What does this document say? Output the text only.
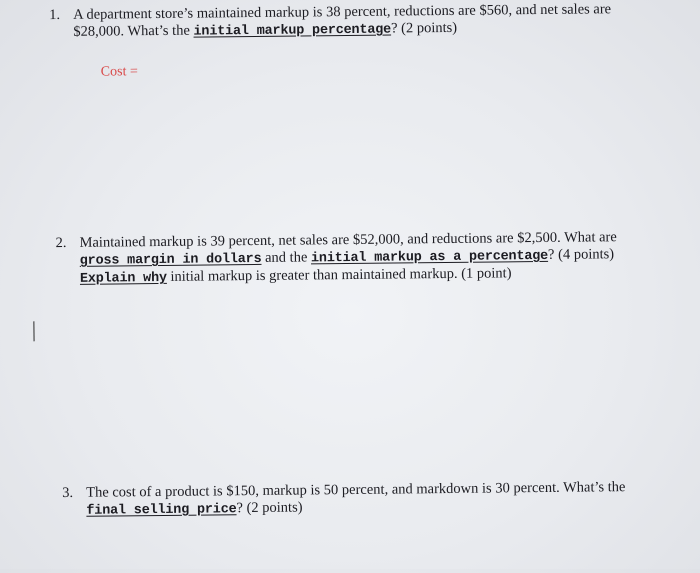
1. A department store’s maintained markup is 38 percent, reductions are $560, and net sales are $28,000. What’s the initial markup percentage? (2 points)
Cost =
2. Maintained markup is 39 percent, net sales are $52,000, and reductions are $2,500. What are gross margin in dollars and the initial markup as a percentage? (4 points)
Explain why initial markup is greater than maintained markup. (1 point)
3. The cost of a product is $150, markup is 50 percent, and markdown is 30 percent. What’s the final selling price? (2 points)
